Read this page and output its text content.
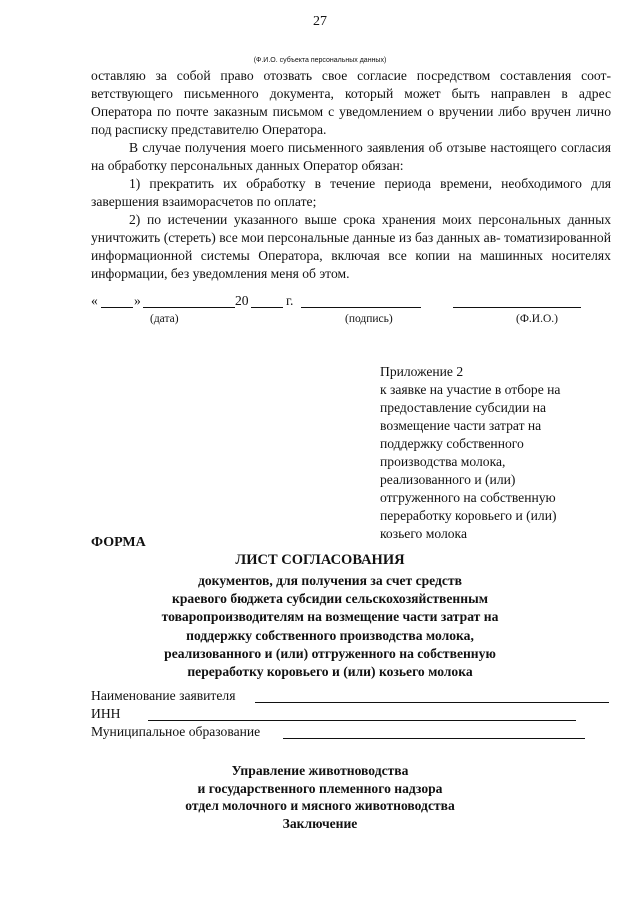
27
(Ф.И.О. субъекта персональных данных)

оставляю за собой право отозвать свое согласие посредством составления соот- ветствующего письменного документа, который может быть направлен в адрес Оператора по почте заказным письмом с уведомлением о вручении либо вручен лично под расписку представителю Оператора.

В случае получения моего письменного заявления об отзыве настоящего согласия на обработку персональных данных Оператор обязан:

1) прекратить их обработку в течение периода времени, необходимого для завершения взаиморасчетов по оплате;

2) по истечении указанного выше срока хранения моих персональных данных уничтожить (стереть) все мои персональные данные из баз данных ав- томатизированной информационной системы Оператора, включая все копии на машинных носителях информации, без уведомления меня об этом.

«	»	20	г.
(дата)	(подпись)	(Ф.И.О.)
Приложение 2
к заявке на участие в отборе на
предоставление субсидии на
возмещение части затрат на
поддержку собственного
производства молока,
реализованного и (или)
отгруженного на собственную
переработку коровьего и (или)
козьего молока
ФОРМА
ЛИСТ СОГЛАСОВАНИЯ
документов, для получения за счет средств
краевого бюджета субсидии сельскохозяйственным
товаропроизводителям на возмещение части затрат на
поддержку собственного производства молока,
реализованного и (или) отгруженного на собственную
переработку коровьего и (или) козьего молока
Наименование заявителя
ИНН
Муниципальное образование
Управление животноводства
и государственного племенного надзора
отдел молочного и мясного животноводства
Заключение
